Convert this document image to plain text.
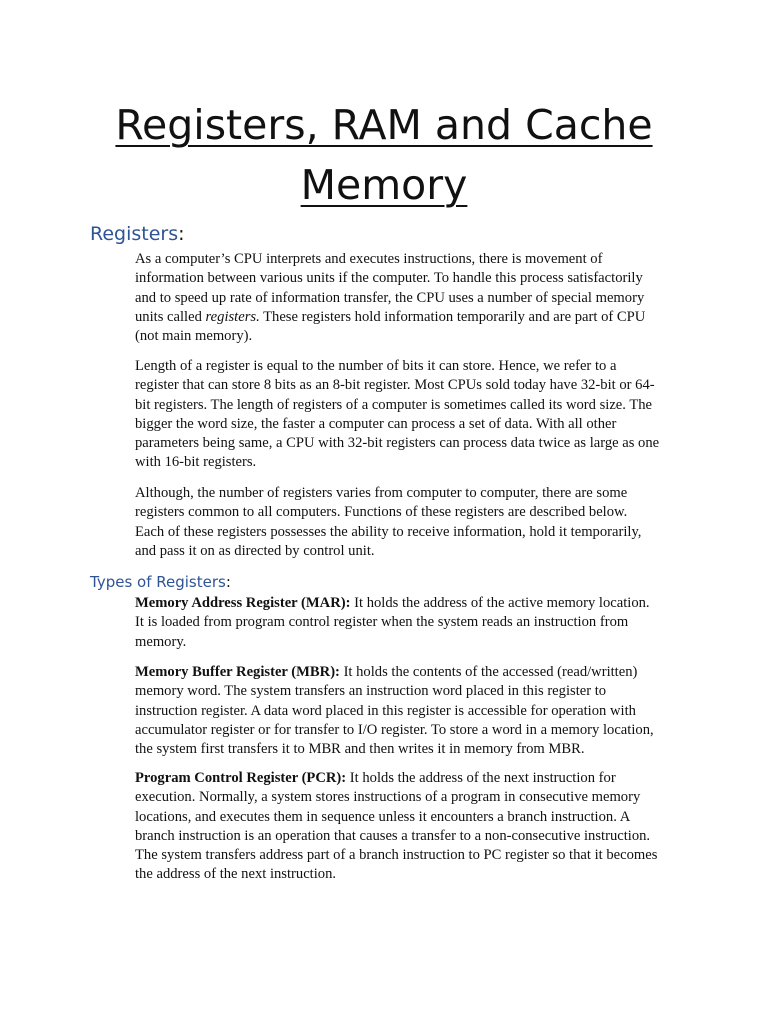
Registers, RAM and Cache
Memory
Registers:

As a computer’s CPU interprets and executes instructions, there is movement of
information between various units if the computer. To handle this process satisfactorily
and to speed up rate of information transfer, the CPU uses a number of special memory
units called registers. These registers hold information temporarily and are part of CPU
(not main memory).

Length of a register is equal to the number of bits it can store. Hence, we refer to a
register that can store 8 bits as an 8-bit register. Most CPUs sold today have 32-bit or 64-
bit registers. The length of registers of a computer is sometimes called its word size. The
bigger the word size, the faster a computer can process a set of data. With all other
parameters being same, a CPU with 32-bit registers can process data twice as large as one
with 16-bit registers.

Although, the number of registers varies from computer to computer, there are some
registers common to all computers. Functions of these registers are described below.
Each of these registers possesses the ability to receive information, hold it temporarily,
and pass it on as directed by control unit.

Types of Registers:

Memory Address Register (MAR): It holds the address of the active memory location.
It is loaded from program control register when the system reads an instruction from
memory.

Memory Buffer Register (MBR): It holds the contents of the accessed (read/written)
memory word. The system transfers an instruction word placed in this register to
instruction register. A data word placed in this register is accessible for operation with
accumulator register or for transfer to I/O register. To store a word in a memory location,
the system first transfers it to MBR and then writes it in memory from MBR.

Program Control Register (PCR): It holds the address of the next instruction for
execution. Normally, a system stores instructions of a program in consecutive memory
locations, and executes them in sequence unless it encounters a branch instruction. A
branch instruction is an operation that causes a transfer to a non-consecutive instruction.
The system transfers address part of a branch instruction to PC register so that it becomes
the address of the next instruction.
